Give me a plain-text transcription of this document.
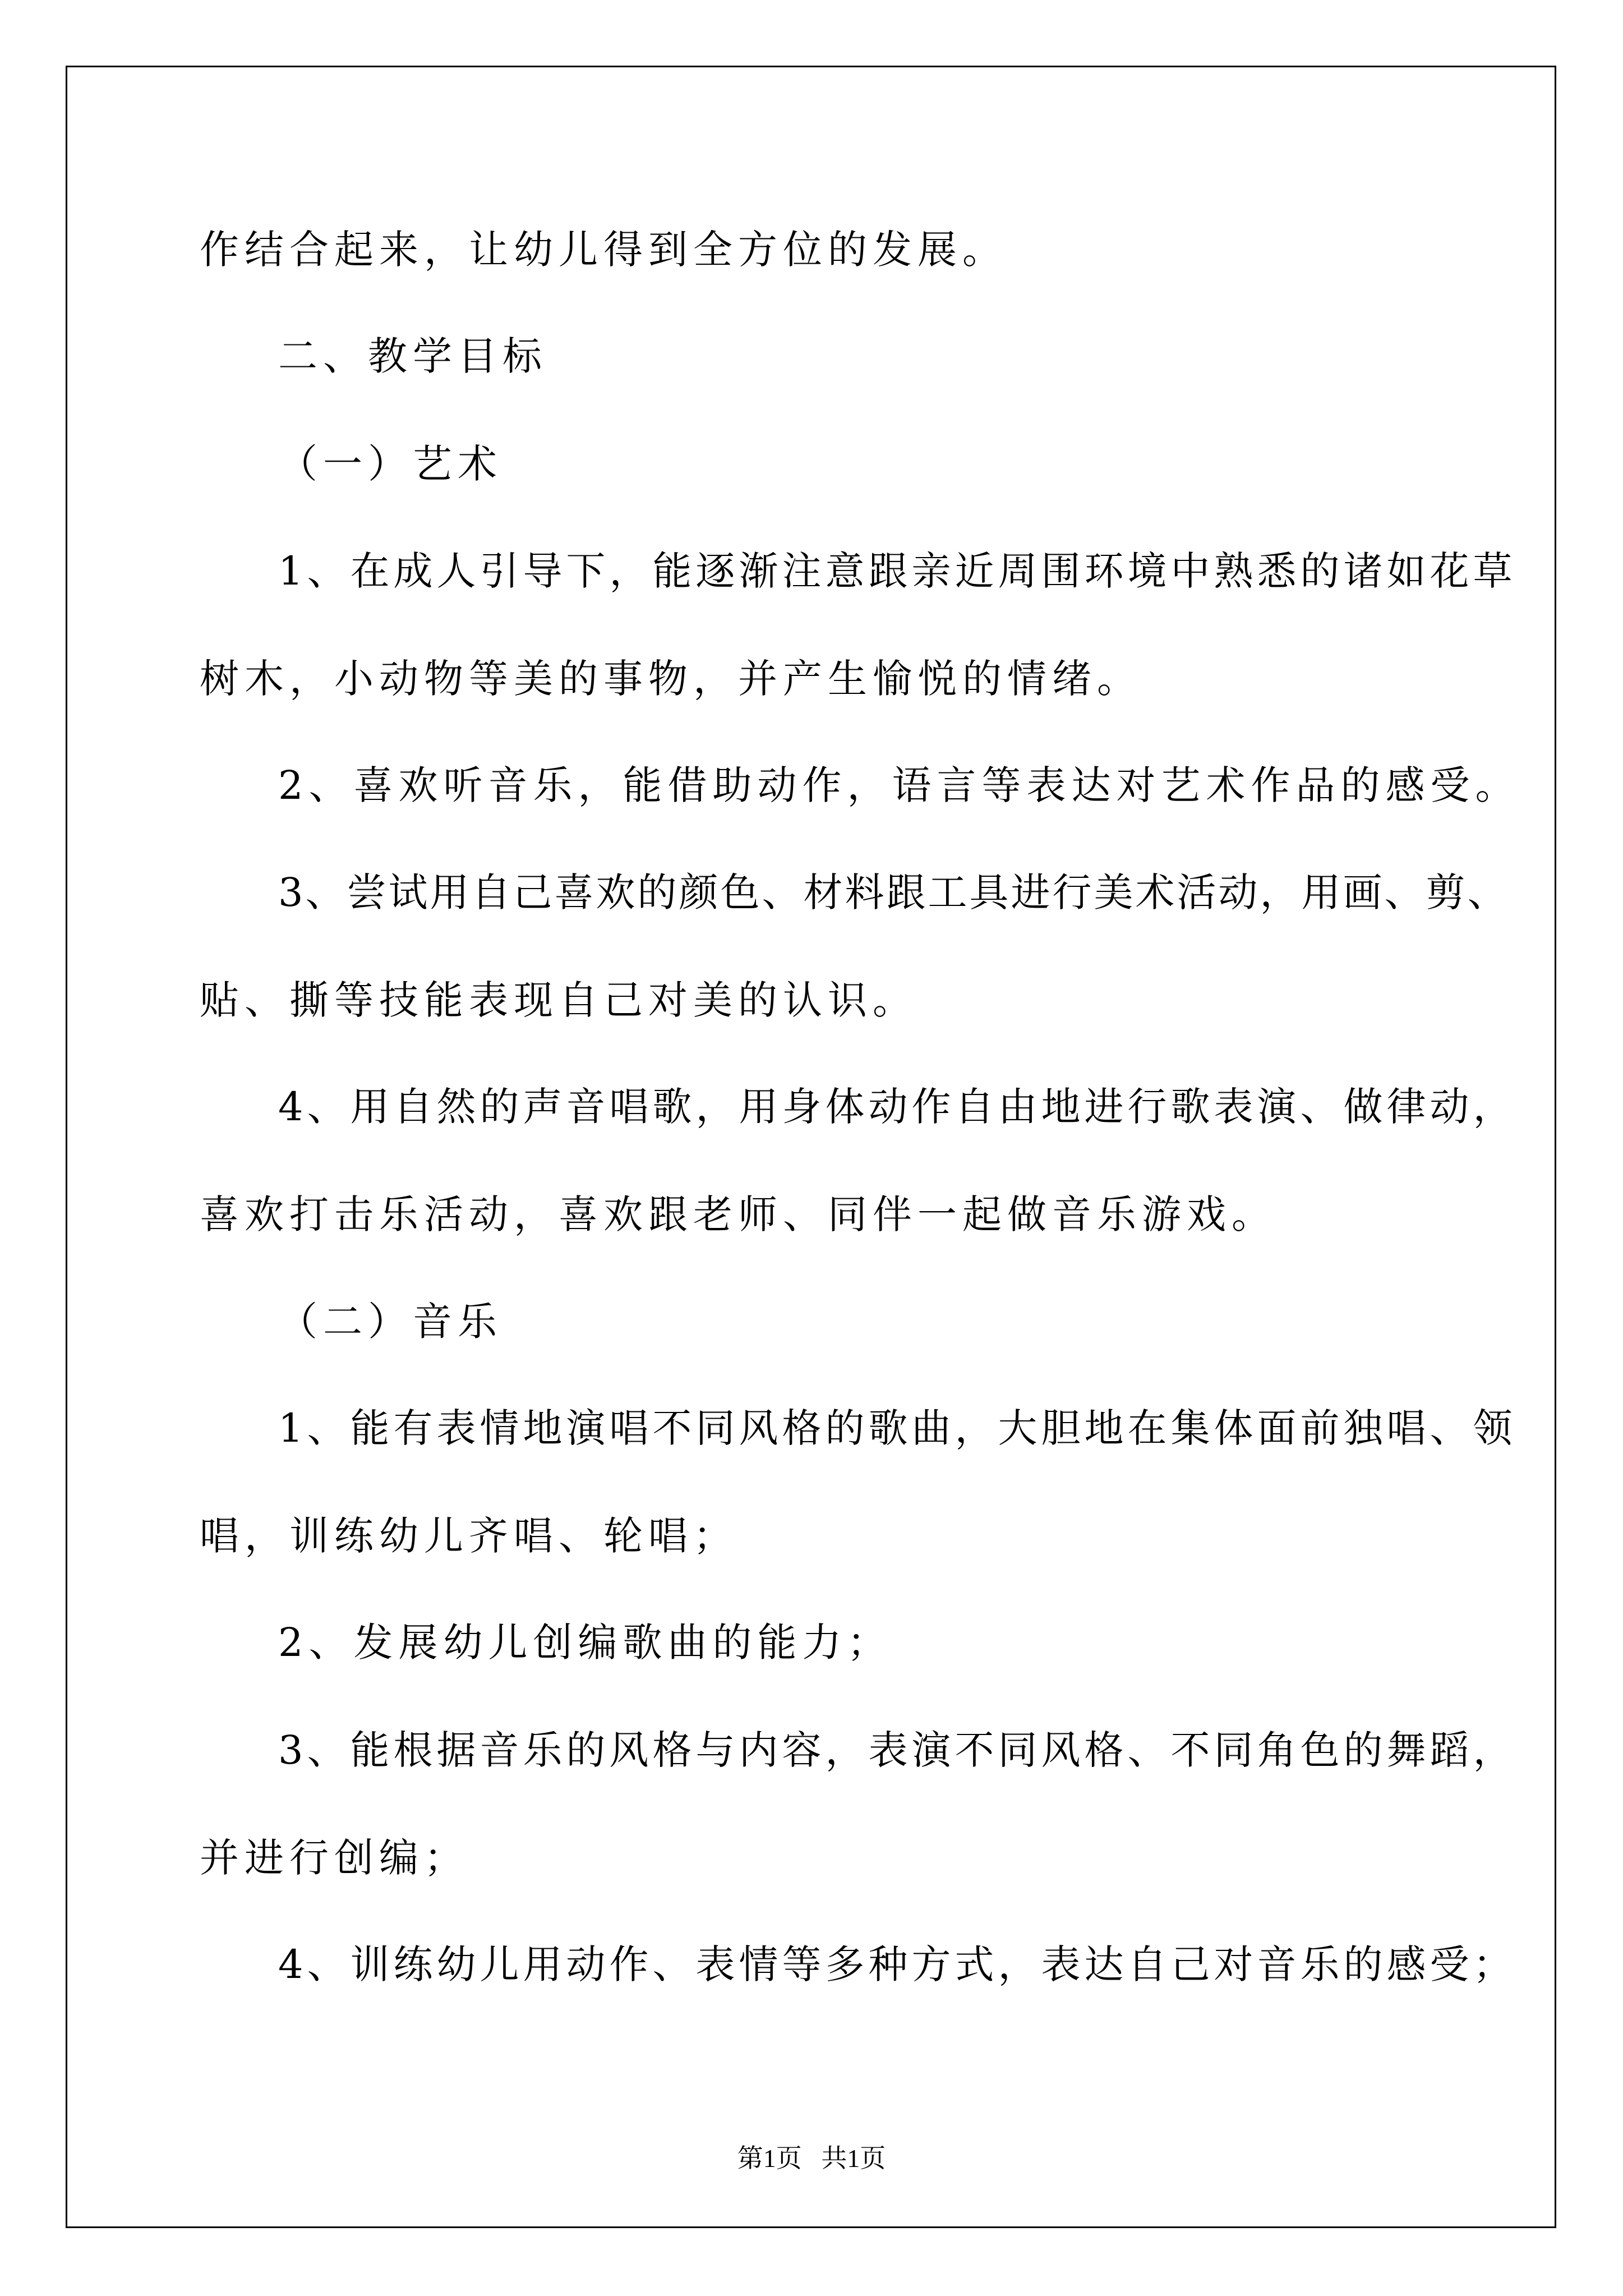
作结合起来，让幼儿得到全方位的发展。
二、教学目标
（一）艺术
1、在成人引导下，能逐渐注意跟亲近周围环境中熟悉的诸如花草
树木，小动物等美的事物，并产生愉悦的情绪。
2、喜欢听音乐，能借助动作，语言等表达对艺术作品的感受。
3、尝试用自己喜欢的颜色、材料跟工具进行美术活动，用画、剪、
贴、撕等技能表现自己对美的认识。
4、用自然的声音唱歌，用身体动作自由地进行歌表演、做律动，
喜欢打击乐活动，喜欢跟老师、同伴一起做音乐游戏。
（二）音乐
1、能有表情地演唱不同风格的歌曲，大胆地在集体面前独唱、领
唱，训练幼儿齐唱、轮唱；
2、发展幼儿创编歌曲的能力；
3、能根据音乐的风格与内容，表演不同风格、不同角色的舞蹈，
并进行创编；
4、训练幼儿用动作、表情等多种方式，表达自己对音乐的感受；
第1页   共1页
